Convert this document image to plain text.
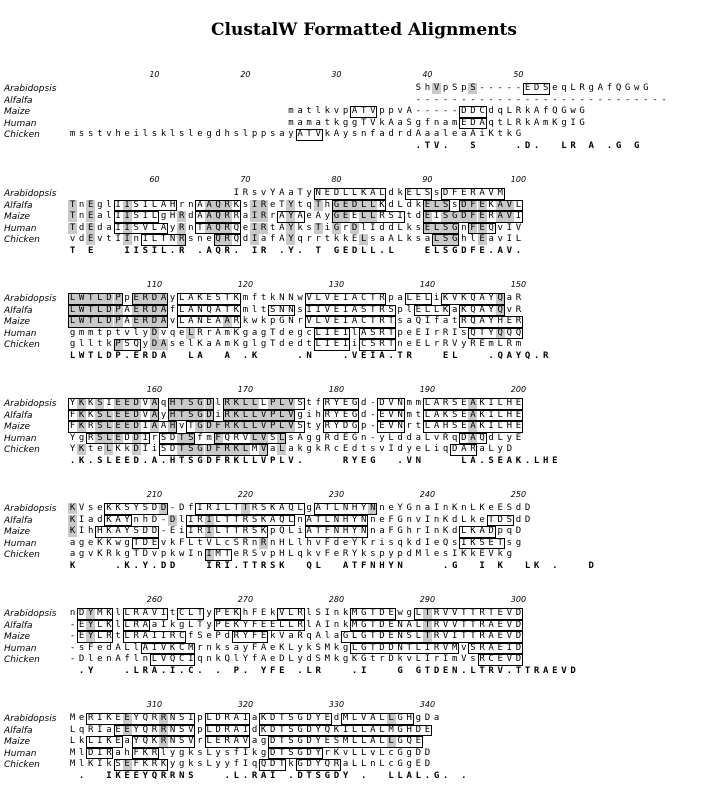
ClustalW Formatted Alignments
10	20	30	40	50
Arabidopsis	S h V p S p S - - - - - E D S e q L R g A f Q G w G
Alfalfa	- - - - - - - - - - - - - - - - - - - - - - - - - - - -
Maize	m a t l k v p A T V p p v A - - - - - D D C d q L R k A f Q G w G
Human	m a m a t k g g T V k A a S g f n a m E D A q t L R k A m K g I G
Chicken	m s s t v h e i l s k l s l e g d h s l p p s a y A T V k A y s n f a d r d A a a l e a A i K t k G
. T V . S	. D . L R A . G G
60	70	80	90	100
Arabidopsis	I R s v Y A a T y N E D L L K A L d k E L S s D F E R A V M
Alfalfa	T n E g l I I S I L A H r n A A Q R K s I R e T Y t q T h G E D L L K d L d k E L S s D F E K A V L
Maize	T n E a l I I S I L g H R d A A Q R R a I R r A Y A e A y G E E L L R S I t d E I S G D F E R A V I
Human	T d E d a I I S V L A y R n T A Q R Q e I R t A Y k s T i G r D l I d d L k s E L S G n F E Q v I V
Chicken	v d E v t I I n I L T N R s n e Q R Q d I a f A Y q r r t k k E L s a A L k s a L S G h l E a v I L
T E	I I S I L . R . A Q R . I R . Y . T G E D L L . L	E L S G D F E . A V .
110	120	130	140	150
Arabidopsis L W T L D P p E R D A y L A K E S T K m f t k N N w V L V E I A C T R p a L E L i K V K Q A Y Q a R
Alfalfa	L W T L D P A E R D A f L A N Q A T K m l t S N N s I I V E I A S T R S p l E L L K a K Q A Y Q v R
Maize	L W T L D P A E R D A v L A N E A A R k w k p G N r V L V E I A C T R T s a Q I f a t R Q A Y H E R
Human	g m m t p t v l y D v q e L R r A m K g a g T d e g c L I E I l A S R T p e E I r R I s Q T Y Q Q Q
Chicken	g l l t k P S Q y D A s e l K a A m K g l g T d e d t L I E I i C S R T n e E L r R V y R E m L R m
L W T L D P . E R D A L A A . K	. N	. V E I A . T R	E L	. Q A Y Q . R
160	170	180	190	200
Arabidopsis Y K K S I E E D V A q H T S G D l R K L L L P L V S t f R Y E G d - D V N m m L A R S E A K I L H E
Alfalfa	F K K S L E E D V A y H T S G D i R K L L V P L V g i h R Y E G d - E V N m t L A K S E A K I L H E
Maize	F K R S L E E D I A A H v T G D F R K L L V P L V S t y R Y D G p - E V N r t L A H S E A K I L H E
Human	Y g R S L E D D I r S D T S f m F Q R V L V S L s A g g R d E G n - y L d d a L v R q D A Q d L y E
Chicken	Y K t e L K k D I i S D T S G D F R K L M V a L a k g k R c E d t s v I d y e L i q D A R a L y D
. K . S L E E D . A . H T S G D F R K L L V P L V .	R Y E G . V N	L A . S E A K . L H E
210	220	230	240	250
Arabidopsis K V s e K K S Y S D D - D f I R I L T T R S K A Q L g A T L N H Y N n e Y G n a I n K n L K e E S d D
Alfalfa	K I a d K A Y n h D - D l I R I L T T R S K A Q L n A T L N H Y N n e F G n v I n K d L k e T D S d D
Maize	K I h H K A Y S D D - E i I R I L T T R S K p Q L i A T F N H Y N n a F G h r I n K d L K A D p q D
Human	a g e K K w g T D E v k F L t V L c S R n R n H L l h v F d e Y k r i s q k d I e Q s I K S E T s g
Chicken	a g v K R k g T D v p k w I n I M T e R S v p H L q k v F e R Y k s p y p d M l e s I K k E V k g
K	. K . Y . D D	I R I . T T R S K Q L A T F N H Y N	. G I K L K .	D
260	270	280	290	300
Arabidopsis n D Y M K l L R A V I t C L T y P E K h F E k V L R l S I n k M G T D E w g L T R V V T T R T E V D
Alfalfa	- E Y L K l L R A a I k g L T y P E K Y F E E L L R l A I n k M G T D E N A L T R V V T T R A E V D
Maize	- E Y L R t L R A I I R C f S e P d R Y F E k V a R q A l a G L G T D E N S L T R V I T T R A E V D
Human	- s F e d A L l A I V K C M r n k s a y F A e K L y k S M k g L G T D D N T L I R V M v S R A E I D
Chicken	- D l e n A f l n L V Q C I q n k Q l Y f A e D L y d S M k g K G t r D k v L I r I m V s R C E V D
. Y	. L R A . I . C . . P . Y F E . L R	. I	G G T D E N . L T R V . T T R A E V D
310	320	330	340
Arabidopsis M e R I K E E Y Q R R N S I p L D R A I a K D T S G D Y E d M L V A L L G H g D a
Alfalfa	L q R I a E E Y Q R R N S V p L D R A I d K D T S G D Y Q K I L L A L M G H D E
Maize	L k L I K E a Y Q K R N S V r L E R A V a g D T S G D Y E S M L L A L L G Q E
Human	M l D I R a h F K R l y g k s L y s f I k g D T S G D Y r K v L L v L c G g D D
Chicken	M l K I k S E F K R K y g k s L y y f I q Q D T k G D Y Q R a L L n L c G g E D
. I K E E Y Q R R N S	. L . R A I . D T S G D Y . L L A L . G . .
